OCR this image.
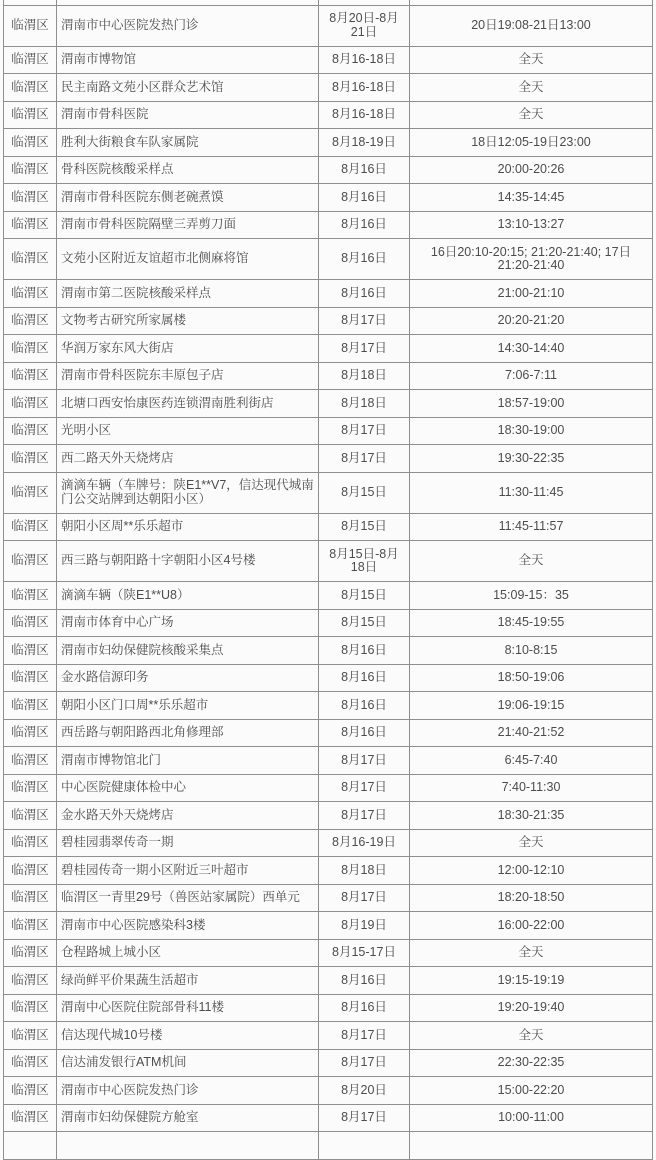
临渭区	渭南市中心医院发热门诊	8月20日-8月21日	20日19:08-21日13:00
临渭区	渭南市博物馆	8月16-18日	全天
临渭区	民主南路文苑小区群众艺术馆	8月16-18日	全天
临渭区	渭南市骨科医院	8月16-18日	全天
临渭区	胜利大街粮食车队家属院	8月18-19日	18日12:05-19日23:00
临渭区	骨科医院核酸采样点	8月16日	20:00-20:26
临渭区	渭南市骨科医院东侧老碗煮馍	8月16日	14:35-14:45
临渭区	渭南市骨科医院隔壁三弄剪刀面	8月16日	13:10-13:27
临渭区	文苑小区附近友谊超市北侧麻将馆	8月16日	16日20:10-20:15; 21:20-21:40; 17日21:20-21:40
临渭区	渭南市第二医院核酸采样点	8月16日	21:00-21:10
临渭区	文物考古研究所家属楼	8月17日	20:20-21:20
临渭区	华润万家东风大街店	8月17日	14:30-14:40
临渭区	渭南市骨科医院东丰原包子店	8月18日	7:06-7:11
临渭区	北塘口西安怡康医药连锁渭南胜利街店	8月18日	18:57-19:00
临渭区	光明小区	8月17日	18:30-19:00
临渭区	西二路天外天烧烤店	8月17日	19:30-22:35
临渭区	滴滴车辆（车牌号：陕E1**V7，信达现代城南门公交站牌到达朝阳小区）	8月15日	11:30-11:45
临渭区	朝阳小区周**乐乐超市	8月15日	11:45-11:57
临渭区	西三路与朝阳路十字朝阳小区4号楼	8月15日-8月18日	全天
临渭区	滴滴车辆（陕E1**U8）	8月15日	15:09-15：35
临渭区	渭南市体育中心广场	8月15日	18:45-19:55
临渭区	渭南市妇幼保健院核酸采集点	8月16日	8:10-8:15
临渭区	金水路信源印务	8月16日	18:50-19:06
临渭区	朝阳小区门口周**乐乐超市	8月16日	19:06-19:15
临渭区	西岳路与朝阳路西北角修理部	8月16日	21:40-21:52
临渭区	渭南市博物馆北门	8月17日	6:45-7:40
临渭区	中心医院健康体检中心	8月17日	7:40-11:30
临渭区	金水路天外天烧烤店	8月17日	18:30-21:35
临渭区	碧桂园翡翠传奇一期	8月16-19日	全天
临渭区	碧桂园传奇一期小区附近三叶超市	8月18日	12:00-12:10
临渭区	临渭区一青里29号（兽医站家属院）西单元	8月17日	18:20-18:50
临渭区	渭南市中心医院感染科3楼	8月19日	16:00-22:00
临渭区	仓程路城上城小区	8月15-17日	全天
临渭区	绿尚鲜平价果蔬生活超市	8月16日	19:15-19:19
临渭区	渭南中心医院住院部骨科11楼	8月16日	19:20-19:40
临渭区	信达现代城10号楼	8月17日	全天
临渭区	信达浦发银行ATM机间	8月17日	22:30-22:35
临渭区	渭南市中心医院发热门诊	8月20日	15:00-22:20
临渭区	渭南市妇幼保健院方舱室	8月17日	10:00-11:00
